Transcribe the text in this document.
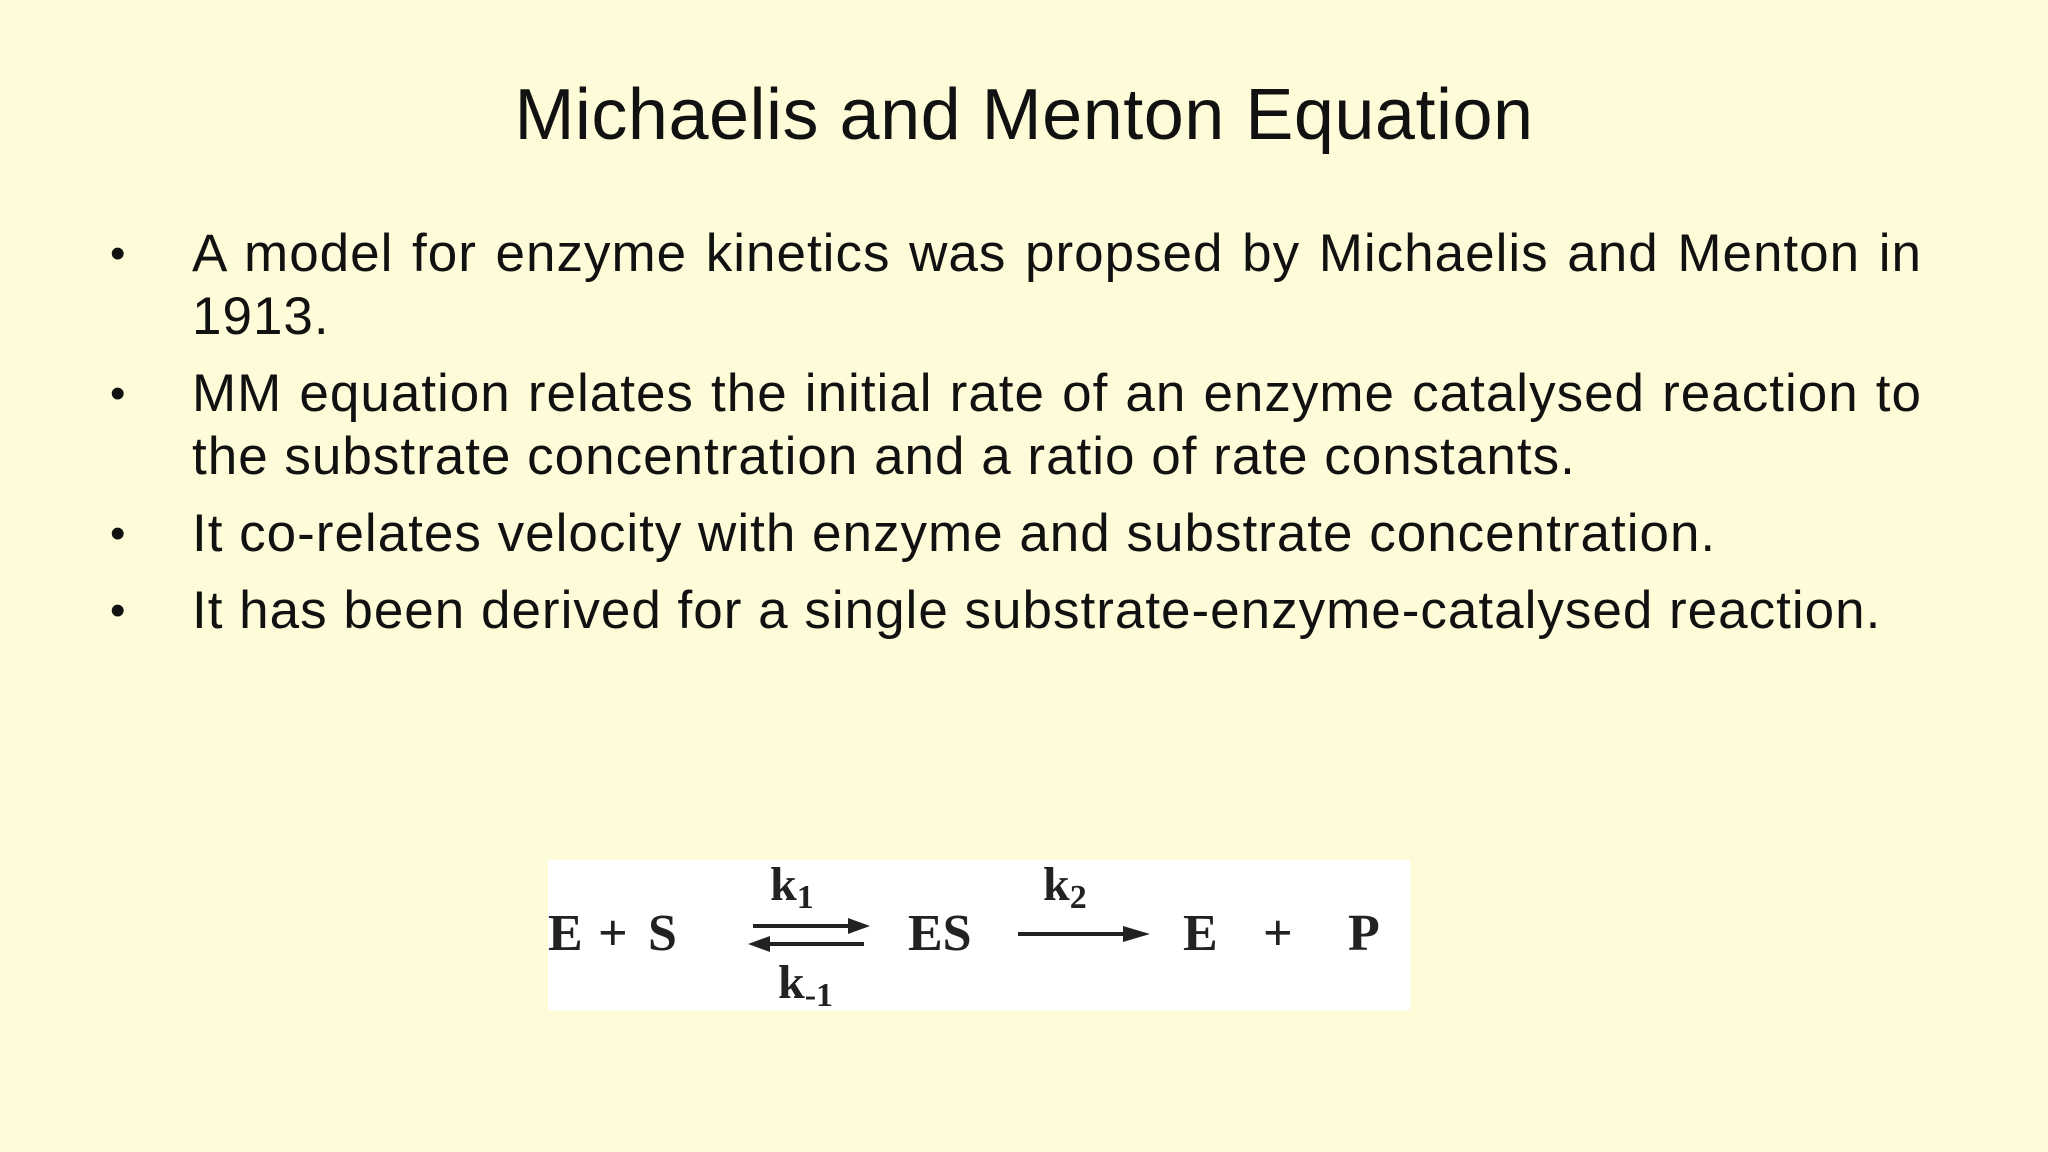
Michaelis and Menton Equation
• A model for enzyme kinetics was propsed by Michaelis and Menton in 1913.
• MM equation relates the initial rate of an enzyme catalysed reaction to the substrate concentration and a ratio of rate constants.
• It co-relates velocity with enzyme and substrate concentration.
• It has been derived for a single substrate-enzyme-catalysed reaction.
E + S
k1
k-1
ES
k2
E + P
